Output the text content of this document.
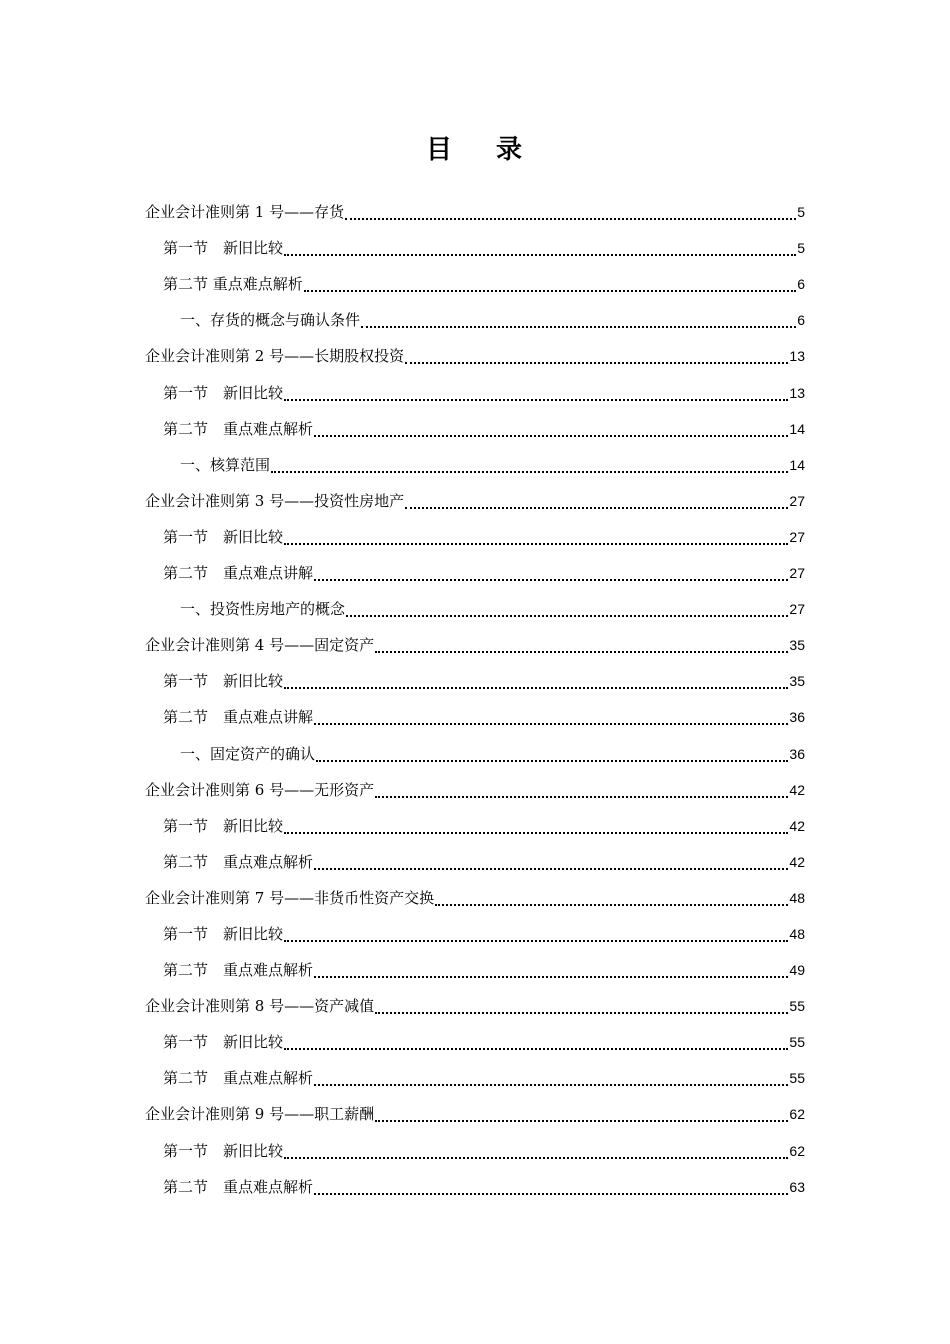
目 录
企业会计准则第 1 号——存货	5
第一节　新旧比较	5
第二节 重点难点解析	6
一、存货的概念与确认条件	6
企业会计准则第 2 号——长期股权投资	13
第一节　新旧比较	13
第二节　重点难点解析	14
一、核算范围	14
企业会计准则第 3 号——投资性房地产	27
第一节　新旧比较	27
第二节　重点难点讲解	27
一、投资性房地产的概念	27
企业会计准则第 4 号——固定资产	35
第一节　新旧比较	35
第二节　重点难点讲解	36
一、固定资产的确认	36
企业会计准则第 6 号——无形资产	42
第一节　新旧比较	42
第二节　重点难点解析	42
企业会计准则第 7 号——非货币性资产交换	48
第一节　新旧比较	48
第二节　重点难点解析	49
企业会计准则第 8 号——资产减值	55
第一节　新旧比较	55
第二节　重点难点解析	55
企业会计准则第 9 号——职工薪酬	62
第一节　新旧比较	62
第二节　重点难点解析	63
